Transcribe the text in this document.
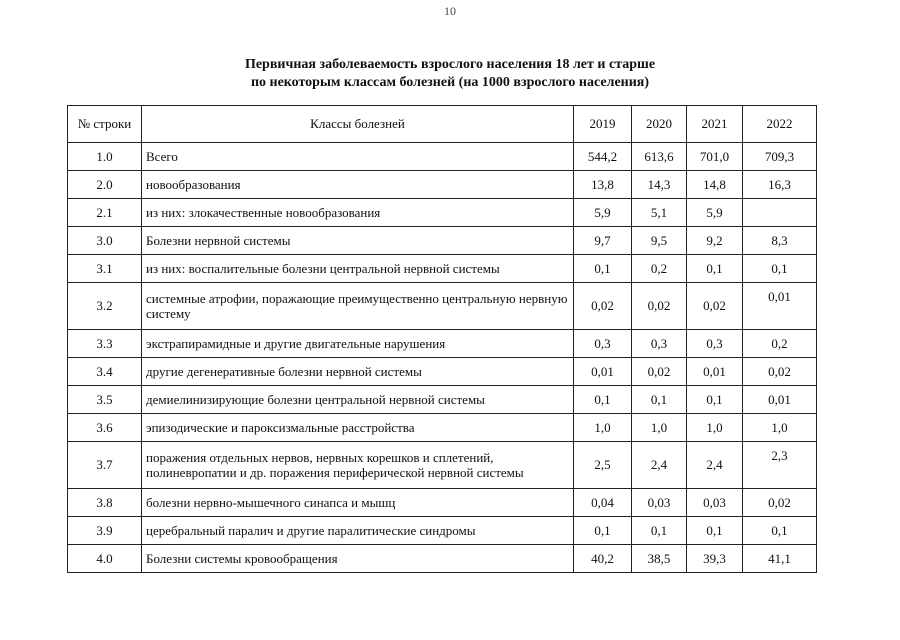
10
Первичная заболеваемость взрослого населения 18 лет и старше
по некоторым классам болезней (на 1000 взрослого населения)
№ строки	Классы болезней	2019	2020	2021	2022
1.0	Всего	544,2	613,6	701,0	709,3
2.0	новообразования	13,8	14,3	14,8	16,3
2.1	из них: злокачественные новообразования	5,9	5,1	5,9	
3.0	Болезни нервной системы	9,7	9,5	9,2	8,3
3.1	из них: воспалительные болезни центральной нервной системы	0,1	0,2	0,1	0,1
3.2	системные атрофии, поражающие преимущественно центральную нервную систему	0,02	0,02	0,02	0,01
3.3	экстрапирамидные и другие двигательные нарушения	0,3	0,3	0,3	0,2
3.4	другие дегенеративные болезни нервной системы	0,01	0,02	0,01	0,02
3.5	демиелинизирующие болезни центральной нервной системы	0,1	0,1	0,1	0,01
3.6	эпизодические и пароксизмальные расстройства	1,0	1,0	1,0	1,0
3.7	поражения отдельных нервов, нервных корешков и сплетений, полиневропатии и др. поражения периферической нервной системы	2,5	2,4	2,4	2,3
3.8	болезни нервно-мышечного синапса и мышц	0,04	0,03	0,03	0,02
3.9	церебральный паралич и другие паралитические синдромы	0,1	0,1	0,1	0,1
4.0	Болезни системы кровообращения	40,2	38,5	39,3	41,1
